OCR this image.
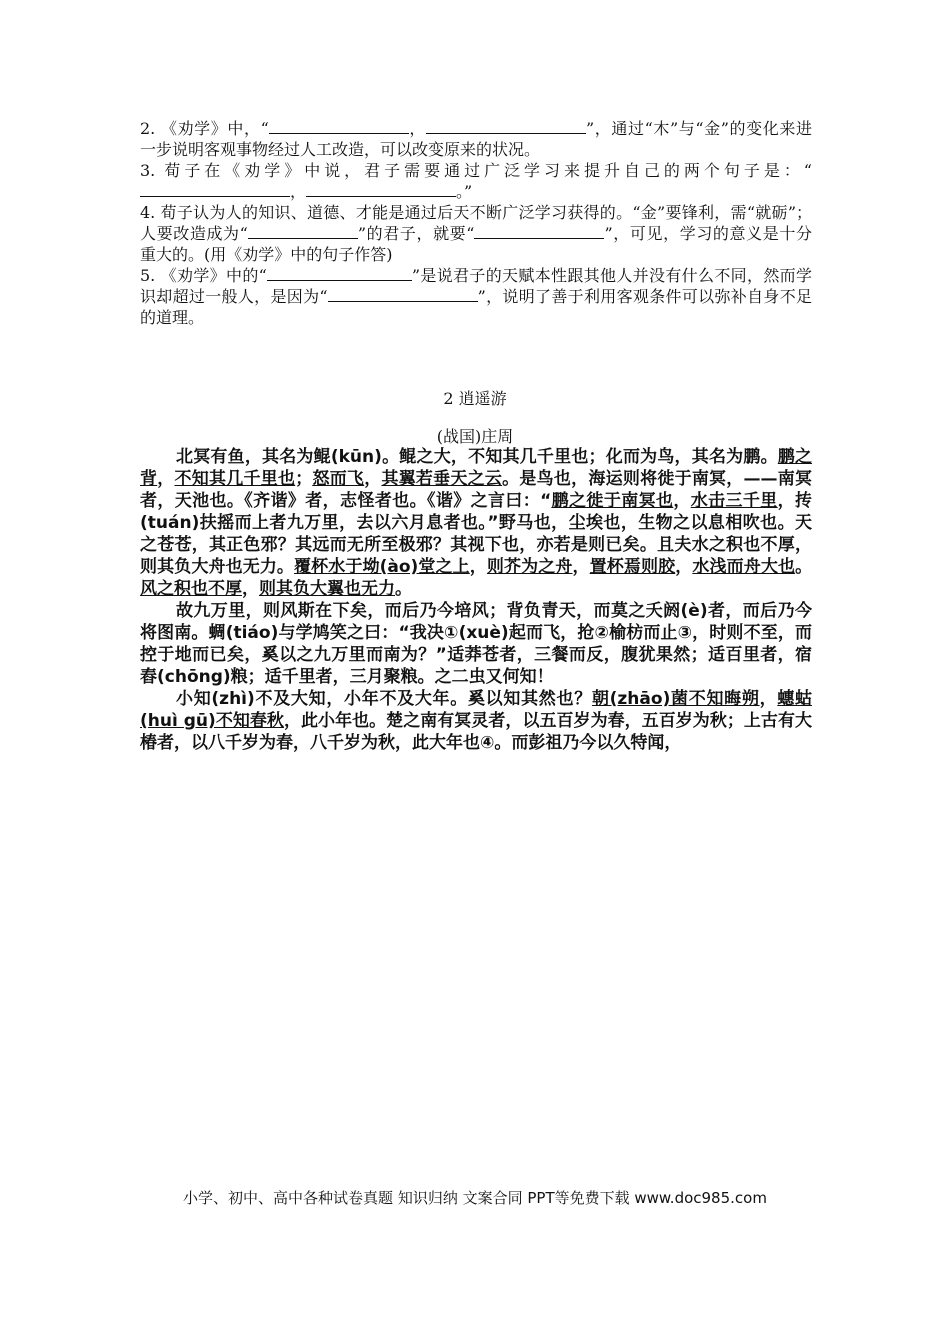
2. 《劝学》中，“	，	”，通过“木”与“金”的变化来进一步说明客观事物经过人工改造，可以改变原来的状况。

3. 荀子在《劝学》中说，君子需要通过广泛学习来提升自己的两个句子是：“，	。”

4. 荀子认为人的知识、道德、才能是通过后天不断广泛学习获得的。“金”要锋利，需“就砺”；人要改造成为“	”的君子，就要“	”，可见，学习的意义是十分重大的。(用《劝学》中的句子作答)

5. 《劝学》中的“	”是说君子的天赋本性跟其他人并没有什么不同，然而学识却超过一般人，是因为“	”，说明了善于利用客观条件可以弥补自身不足的道理。

2 逍遥游
(战国)庄周

北冥有鱼，其名为鲲(kūn)。鲲之大，不知其几千里也；化而为鸟，其名为鹏。鹏之背，不知其几千里也；怒而飞，其翼若垂天之云。是鸟也，海运则将徙于南冥，——南冥者，天池也。《齐谐》者，志怪者也。《谐》之言曰：“鹏之徙于南冥也，水击三千里，抟(tuán)扶摇而上者九万里，去以六月息者也。”野马也，尘埃也，生物之以息相吹也。天之苍苍，其正色邪？其远而无所至极邪？其视下也，亦若是则已矣。且夫水之积也不厚，则其负大舟也无力。覆杯水于坳(ào)堂之上，则芥为之舟，置杯焉则胶，水浅而舟大也。风之积也不厚，则其负大翼也无力。

故九万里，则风斯在下矣，而后乃今培风；背负青天，而莫之夭阏(è)者，而后乃今将图南。蜩(tiáo)与学鸠笑之曰：“我决①(xuè)起而飞，抢②榆枋而止③，时则不至，而控于地而已矣，奚以之九万里而南为？”适莽苍者，三餐而反，腹犹果然；适百里者，宿舂(chōng)粮；适千里者，三月聚粮。之二虫又何知！

小知(zhì)不及大知，小年不及大年。奚以知其然也？朝(zhāo)菌不知晦朔，蟪蛄(huì gū)不知春秋，此小年也。楚之南有冥灵者，以五百岁为春，五百岁为秋；上古有大椿者，以八千岁为春，八千岁为秋，此大年也④。而彭祖乃今以久特闻，

小学、初中、高中各种试卷真题 知识归纳 文案合同 PPT等免费下载 www.doc985.com
